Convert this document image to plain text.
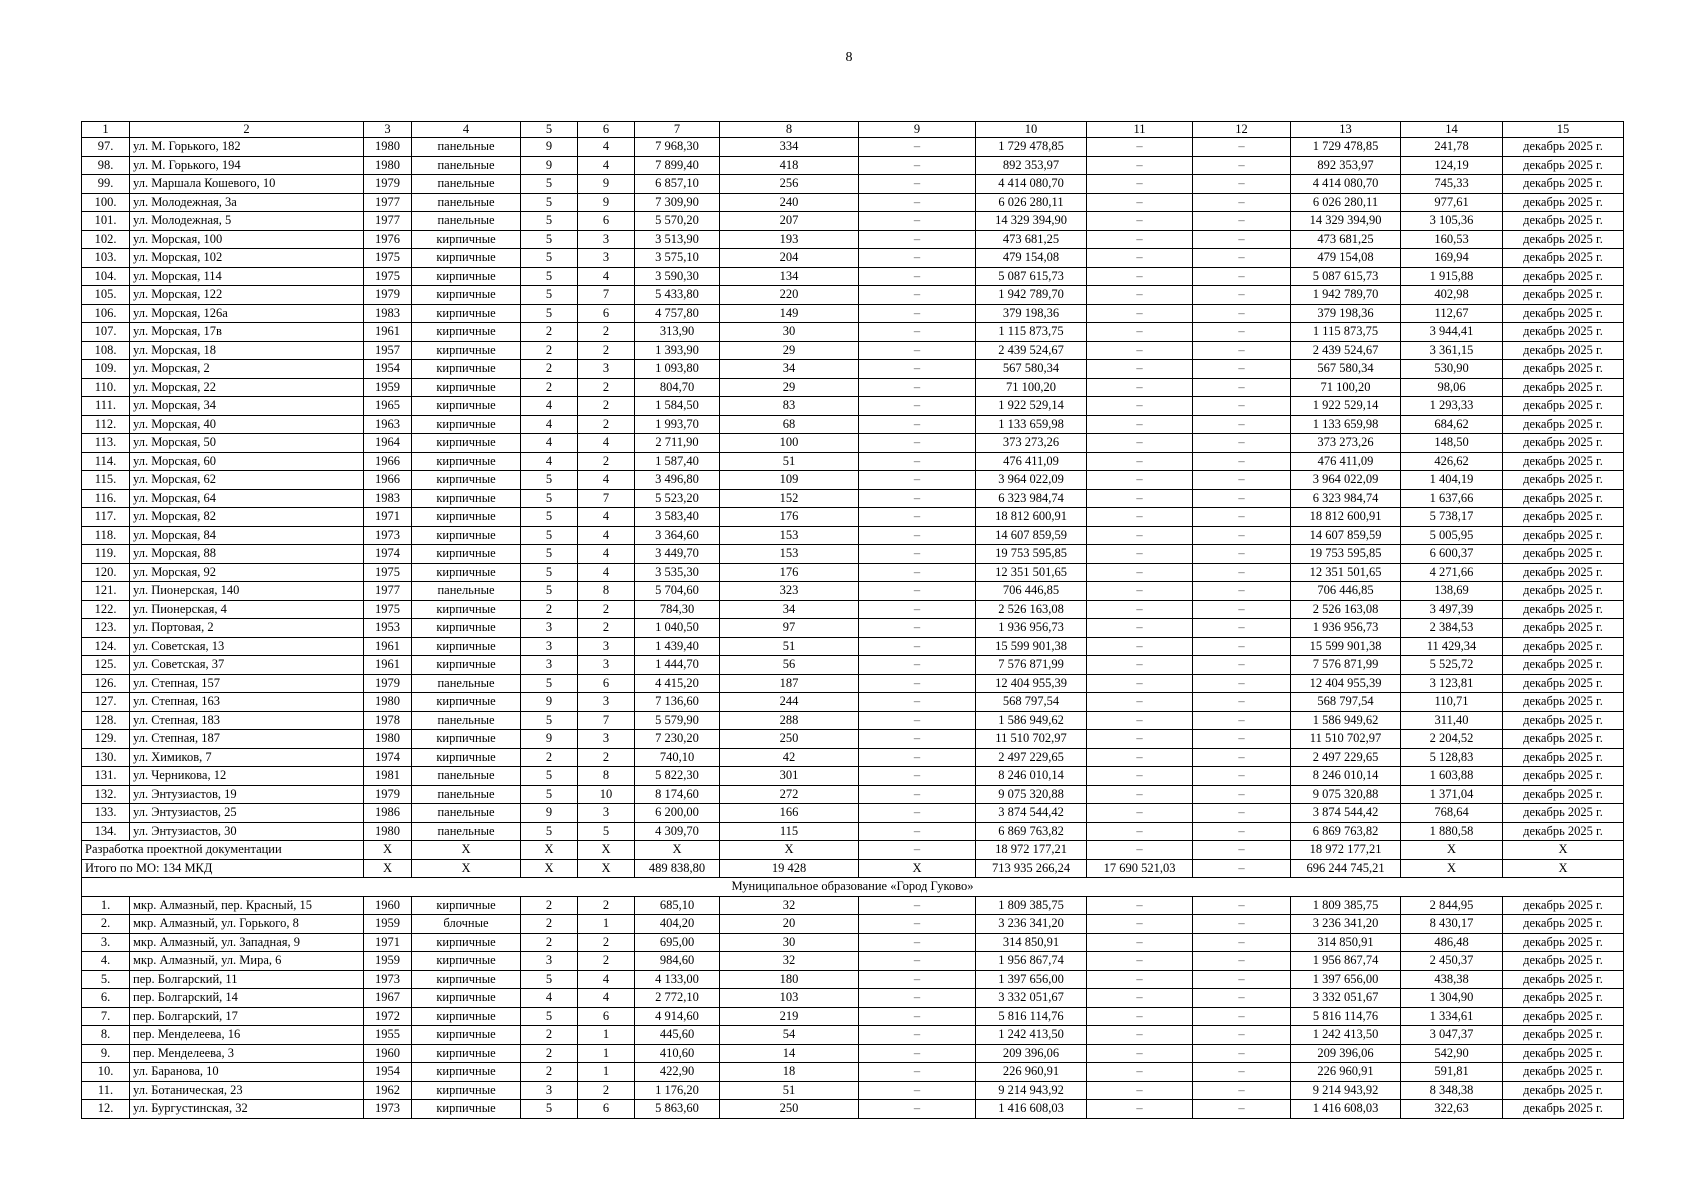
8
1	2	3	4	5	6	7	8	9	10	11	12	13	14	15
97.	ул. М. Горького, 182	1980	панельные	9	4	7 968,30	334	–	1 729 478,85	–	–	1 729 478,85	241,78	декабрь 2025 г.
98.	ул. М. Горького, 194	1980	панельные	9	4	7 899,40	418	–	892 353,97	–	–	892 353,97	124,19	декабрь 2025 г.
99.	ул. Маршала Кошевого, 10	1979	панельные	5	9	6 857,10	256	–	4 414 080,70	–	–	4 414 080,70	745,33	декабрь 2025 г.
100.	ул. Молодежная, 3а	1977	панельные	5	9	7 309,90	240	–	6 026 280,11	–	–	6 026 280,11	977,61	декабрь 2025 г.
101.	ул. Молодежная, 5	1977	панельные	5	6	5 570,20	207	–	14 329 394,90	–	–	14 329 394,90	3 105,36	декабрь 2025 г.
102.	ул. Морская, 100	1976	кирпичные	5	3	3 513,90	193	–	473 681,25	–	–	473 681,25	160,53	декабрь 2025 г.
103.	ул. Морская, 102	1975	кирпичные	5	3	3 575,10	204	–	479 154,08	–	–	479 154,08	169,94	декабрь 2025 г.
104.	ул. Морская, 114	1975	кирпичные	5	4	3 590,30	134	–	5 087 615,73	–	–	5 087 615,73	1 915,88	декабрь 2025 г.
105.	ул. Морская, 122	1979	кирпичные	5	7	5 433,80	220	–	1 942 789,70	–	–	1 942 789,70	402,98	декабрь 2025 г.
106.	ул. Морская, 126а	1983	кирпичные	5	6	4 757,80	149	–	379 198,36	–	–	379 198,36	112,67	декабрь 2025 г.
107.	ул. Морская, 17в	1961	кирпичные	2	2	313,90	30	–	1 115 873,75	–	–	1 115 873,75	3 944,41	декабрь 2025 г.
108.	ул. Морская, 18	1957	кирпичные	2	2	1 393,90	29	–	2 439 524,67	–	–	2 439 524,67	3 361,15	декабрь 2025 г.
109.	ул. Морская, 2	1954	кирпичные	2	3	1 093,80	34	–	567 580,34	–	–	567 580,34	530,90	декабрь 2025 г.
110.	ул. Морская, 22	1959	кирпичные	2	2	804,70	29	–	71 100,20	–	–	71 100,20	98,06	декабрь 2025 г.
111.	ул. Морская, 34	1965	кирпичные	4	2	1 584,50	83	–	1 922 529,14	–	–	1 922 529,14	1 293,33	декабрь 2025 г.
112.	ул. Морская, 40	1963	кирпичные	4	2	1 993,70	68	–	1 133 659,98	–	–	1 133 659,98	684,62	декабрь 2025 г.
113.	ул. Морская, 50	1964	кирпичные	4	4	2 711,90	100	–	373 273,26	–	–	373 273,26	148,50	декабрь 2025 г.
114.	ул. Морская, 60	1966	кирпичные	4	2	1 587,40	51	–	476 411,09	–	–	476 411,09	426,62	декабрь 2025 г.
115.	ул. Морская, 62	1966	кирпичные	5	4	3 496,80	109	–	3 964 022,09	–	–	3 964 022,09	1 404,19	декабрь 2025 г.
116.	ул. Морская, 64	1983	кирпичные	5	7	5 523,20	152	–	6 323 984,74	–	–	6 323 984,74	1 637,66	декабрь 2025 г.
117.	ул. Морская, 82	1971	кирпичные	5	4	3 583,40	176	–	18 812 600,91	–	–	18 812 600,91	5 738,17	декабрь 2025 г.
118.	ул. Морская, 84	1973	кирпичные	5	4	3 364,60	153	–	14 607 859,59	–	–	14 607 859,59	5 005,95	декабрь 2025 г.
119.	ул. Морская, 88	1974	кирпичные	5	4	3 449,70	153	–	19 753 595,85	–	–	19 753 595,85	6 600,37	декабрь 2025 г.
120.	ул. Морская, 92	1975	кирпичные	5	4	3 535,30	176	–	12 351 501,65	–	–	12 351 501,65	4 271,66	декабрь 2025 г.
121.	ул. Пионерская, 140	1977	панельные	5	8	5 704,60	323	–	706 446,85	–	–	706 446,85	138,69	декабрь 2025 г.
122.	ул. Пионерская, 4	1975	кирпичные	2	2	784,30	34	–	2 526 163,08	–	–	2 526 163,08	3 497,39	декабрь 2025 г.
123.	ул. Портовая, 2	1953	кирпичные	3	2	1 040,50	97	–	1 936 956,73	–	–	1 936 956,73	2 384,53	декабрь 2025 г.
124.	ул. Советская, 13	1961	кирпичные	3	3	1 439,40	51	–	15 599 901,38	–	–	15 599 901,38	11 429,34	декабрь 2025 г.
125.	ул. Советская, 37	1961	кирпичные	3	3	1 444,70	56	–	7 576 871,99	–	–	7 576 871,99	5 525,72	декабрь 2025 г.
126.	ул. Степная, 157	1979	панельные	5	6	4 415,20	187	–	12 404 955,39	–	–	12 404 955,39	3 123,81	декабрь 2025 г.
127.	ул. Степная, 163	1980	кирпичные	9	3	7 136,60	244	–	568 797,54	–	–	568 797,54	110,71	декабрь 2025 г.
128.	ул. Степная, 183	1978	панельные	5	7	5 579,90	288	–	1 586 949,62	–	–	1 586 949,62	311,40	декабрь 2025 г.
129.	ул. Степная, 187	1980	кирпичные	9	3	7 230,20	250	–	11 510 702,97	–	–	11 510 702,97	2 204,52	декабрь 2025 г.
130.	ул. Химиков, 7	1974	кирпичные	2	2	740,10	42	–	2 497 229,65	–	–	2 497 229,65	5 128,83	декабрь 2025 г.
131.	ул. Черникова, 12	1981	панельные	5	8	5 822,30	301	–	8 246 010,14	–	–	8 246 010,14	1 603,88	декабрь 2025 г.
132.	ул. Энтузиастов, 19	1979	панельные	5	10	8 174,60	272	–	9 075 320,88	–	–	9 075 320,88	1 371,04	декабрь 2025 г.
133.	ул. Энтузиастов, 25	1986	панельные	9	3	6 200,00	166	–	3 874 544,42	–	–	3 874 544,42	768,64	декабрь 2025 г.
134.	ул. Энтузиастов, 30	1980	панельные	5	5	4 309,70	115	–	6 869 763,82	–	–	6 869 763,82	1 880,58	декабрь 2025 г.
Разработка проектной документации		X	X	X	X	X	X	–	18 972 177,21	–	–	18 972 177,21	X	X
Итого по МО: 134 МКД		X	X	X	X	489 838,80	19 428	X	713 935 266,24	17 690 521,03	–	696 244 745,21	X	X
Муниципальное образование «Город Гуково»														
1.	мкр. Алмазный, пер. Красный, 15	1960	кирпичные	2	2	685,10	32	–	1 809 385,75	–	–	1 809 385,75	2 844,95	декабрь 2025 г.
2.	мкр. Алмазный, ул. Горького, 8	1959	блочные	2	1	404,20	20	–	3 236 341,20	–	–	3 236 341,20	8 430,17	декабрь 2025 г.
3.	мкр. Алмазный, ул. Западная, 9	1971	кирпичные	2	2	695,00	30	–	314 850,91	–	–	314 850,91	486,48	декабрь 2025 г.
4.	мкр. Алмазный, ул. Мира, 6	1959	кирпичные	3	2	984,60	32	–	1 956 867,74	–	–	1 956 867,74	2 450,37	декабрь 2025 г.
5.	пер. Болгарский, 11	1973	кирпичные	5	4	4 133,00	180	–	1 397 656,00	–	–	1 397 656,00	438,38	декабрь 2025 г.
6.	пер. Болгарский, 14	1967	кирпичные	4	4	2 772,10	103	–	3 332 051,67	–	–	3 332 051,67	1 304,90	декабрь 2025 г.
7.	пер. Болгарский, 17	1972	кирпичные	5	6	4 914,60	219	–	5 816 114,76	–	–	5 816 114,76	1 334,61	декабрь 2025 г.
8.	пер. Менделеева, 16	1955	кирпичные	2	1	445,60	54	–	1 242 413,50	–	–	1 242 413,50	3 047,37	декабрь 2025 г.
9.	пер. Менделеева, 3	1960	кирпичные	2	1	410,60	14	–	209 396,06	–	–	209 396,06	542,90	декабрь 2025 г.
10.	ул. Баранова, 10	1954	кирпичные	2	1	422,90	18	–	226 960,91	–	–	226 960,91	591,81	декабрь 2025 г.
11.	ул. Ботаническая, 23	1962	кирпичные	3	2	1 176,20	51	–	9 214 943,92	–	–	9 214 943,92	8 348,38	декабрь 2025 г.
12.	ул. Бургустинская, 32	1973	кирпичные	5	6	5 863,60	250	–	1 416 608,03	–	–	1 416 608,03	322,63	декабрь 2025 г.
